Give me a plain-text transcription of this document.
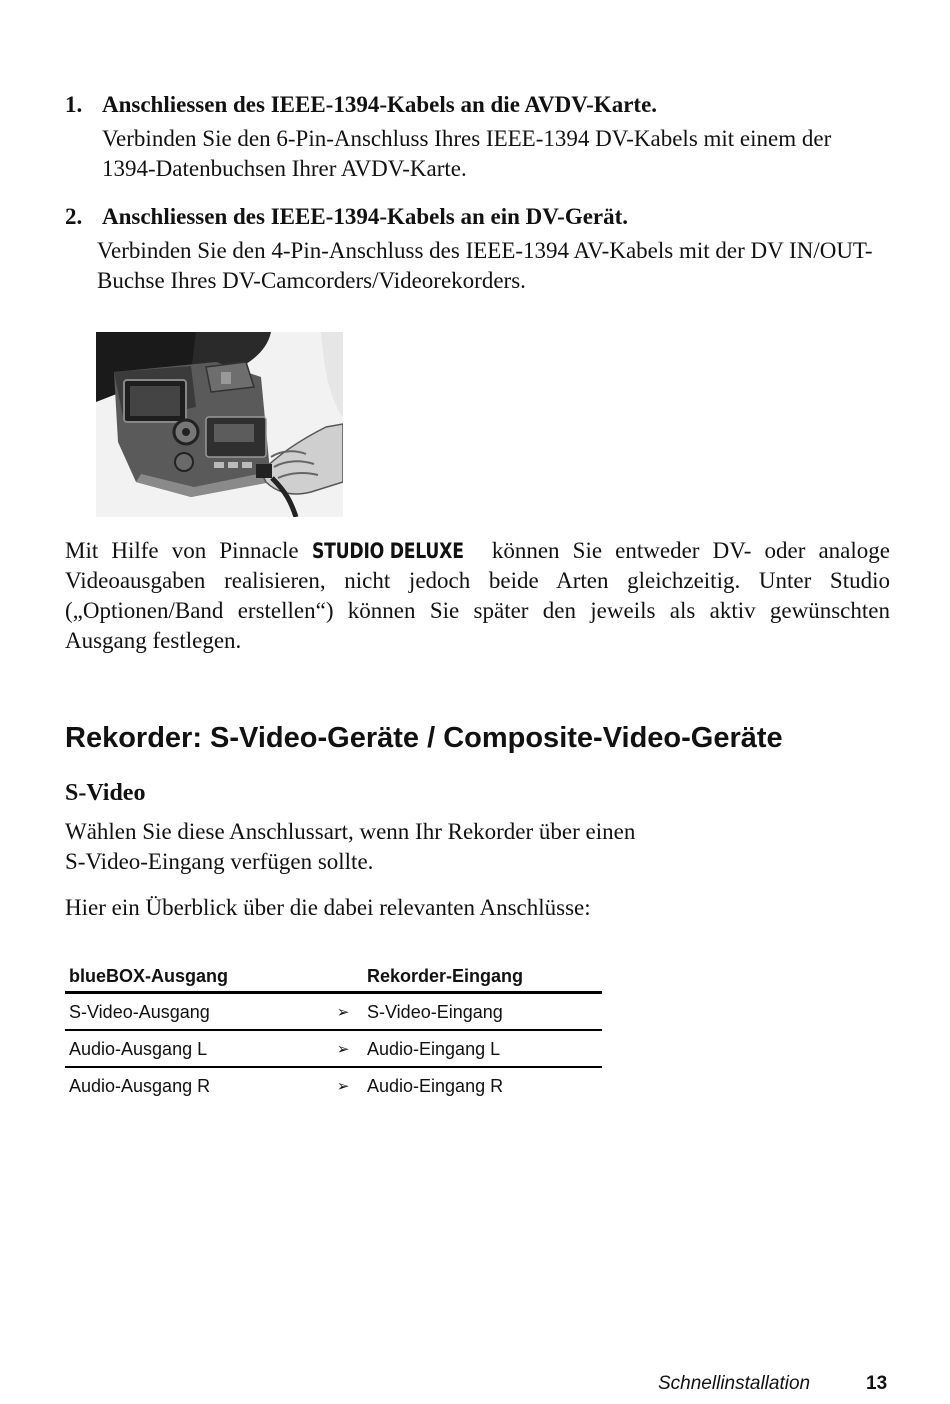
1. Anschliessen des IEEE-1394-Kabels an die AVDV-Karte.
Verbinden Sie den 6-Pin-Anschluss Ihres IEEE-1394 DV-Kabels mit einem der 1394-Datenbuchsen Ihrer AVDV-Karte.
2. Anschliessen des IEEE-1394-Kabels an ein DV-Gerät.
Verbinden Sie den 4-Pin-Anschluss des IEEE-1394 AV-Kabels mit der DV IN/OUT-Buchse Ihres DV-Camcorders/Videorekorders.
Mit Hilfe von Pinnacle STUDIO DELUXE können Sie entweder DV- oder analoge Videoausgaben realisieren, nicht jedoch beide Arten gleichzeitig. Unter Studio („Optionen/Band erstellen“) können Sie später den jeweils als aktiv gewünschten Ausgang festlegen.
Rekorder: S-Video-Geräte / Composite-Video-Geräte
S-Video
Wählen Sie diese Anschlussart, wenn Ihr Rekorder über einen
S-Video-Eingang verfügen sollte.
Hier ein Überblick über die dabei relevanten Anschlüsse:
blueBOX-Ausgang		Rekorder-Eingang
S-Video-Ausgang	➢	S-Video-Eingang
Audio-Ausgang L	➢	Audio-Eingang L
Audio-Ausgang R	➢	Audio-Eingang R
Schnellinstallation	13
